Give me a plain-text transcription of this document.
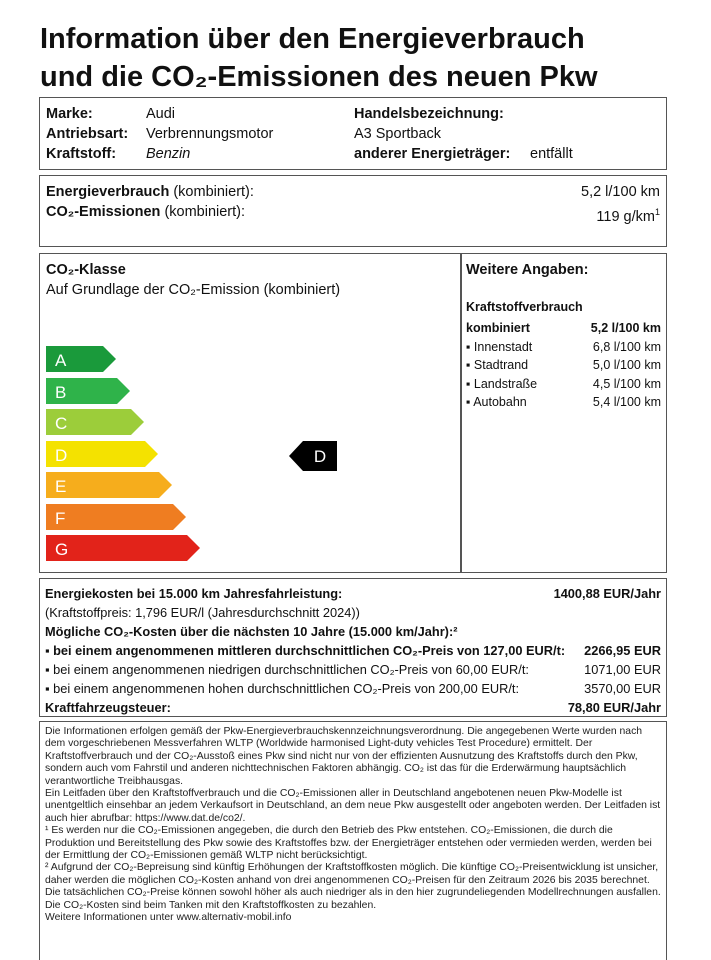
Information über den Energieverbrauch
und die CO₂-Emissionen des neuen Pkw
Marke:	Audi
Antriebsart: Verbrennungsmotor
Kraftstoff: Benzin
Handelsbezeichnung:
A3 Sportback
anderer Energieträger: entfällt
Energieverbrauch (kombiniert):	5,2 l/100 km
CO₂-Emissionen (kombiniert):	119 $g/km^1$
CO₂-Klasse
Auf Grundlage der CO₂-Emission (kombiniert)
A
B
C
D
E
F
G
D
Weitere Angaben:
Kraftstoffverbrauch
kombiniert	5,2 l/100 km
▪ Innenstadt	6,8 l/100 km
▪ Stadtrand	5,0 l/100 km
▪ Landstraße	4,5 l/100 km
▪ Autobahn	5,4 l/100 km
Energiekosten bei 15.000 km Jahresfahrleistung:	1400,88 EUR/Jahr
(Kraftstoffpreis: 1,796 EUR/l (Jahresdurchschnitt 2024))
Mögliche CO₂-Kosten über die nächsten 10 Jahre (15.000 km/Jahr):²
▪ bei einem angenommenen mittleren durchschnittlichen CO₂-Preis von 127,00 EUR/t: 2266,95 EUR
▪ bei einem angenommenen niedrigen durchschnittlichen CO₂-Preis von 60,00 EUR/t:	1071,00 EUR
▪ bei einem angenommenen hohen durchschnittlichen CO₂-Preis von 200,00 EUR/t:	3570,00 EUR
Kraftfahrzeugsteuer:	78,80 EUR/Jahr

Die Informationen erfolgen gemäß der Pkw-Energieverbrauchskennzeichnungsverordnung. Die angegebenen Werte wurden nach dem vorgeschriebenen Messverfahren WLTP (Worldwide harmonised Light-duty vehicles Test Procedure) ermittelt. Der Kraftstoffverbrauch und der CO₂-Ausstoß eines Pkw sind nicht nur von der effizienten Ausnutzung des Kraftstoffs durch den Pkw, sondern auch vom Fahrstil und anderen nichttechnischen Faktoren abhängig. CO₂ ist das für die Erderwärmung hauptsächlich verantwortliche Treibhausgas.

Ein Leitfaden über den Kraftstoffverbrauch und die CO₂-Emissionen aller in Deutschland angebotenen neuen Pkw-Modelle ist unentgeltlich einsehbar an jedem Verkaufsort in Deutschland, an dem neue Pkw ausgestellt oder angeboten werden. Der Leitfaden ist auch hier abrufbar: https://www.dat.de/co2/.

¹ Es werden nur die CO₂-Emissionen angegeben, die durch den Betrieb des Pkw entstehen. CO₂-Emissionen, die durch die Produktion und Bereitstellung des Pkw sowie des Kraftstoffes bzw. der Energieträger entstehen oder vermieden werden, werden bei der Ermittlung der CO₂-Emissionen gemäß WLTP nicht berücksichtigt.

² Aufgrund der CO₂-Bepreisung sind künftig Erhöhungen der Kraftstoffkosten möglich. Die künftige CO₂-Preisentwicklung ist unsicher, daher werden die möglichen CO₂-Kosten anhand von drei angenommenen CO₂-Preisen für den Zeitraum 2026 bis 2035 berechnet. Die tatsächlichen CO₂-Preise können sowohl höher als auch niedriger als in den hier zugrundeliegenden Modellrechnungen ausfallen. Die CO₂-Kosten sind beim Tanken mit den Kraftstoffkosten zu bezahlen.

Weitere Informationen unter www.alternativ-mobil.info
